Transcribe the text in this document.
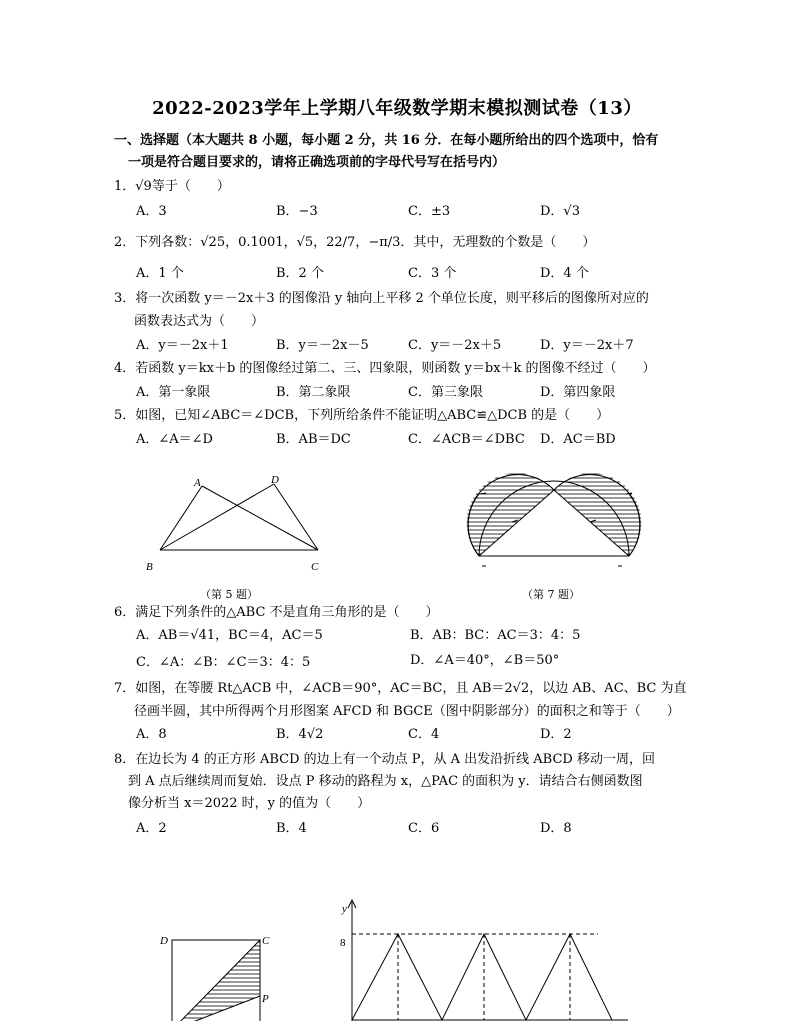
2022-2023学年上学期八年级数学期末模拟测试卷（13）
一、选择题（本大题共 8 小题，每小题 2 分，共 16 分．在每小题所给出的四个选项中，恰有
一项是符合题目要求的，请将正确选项前的字母代号写在括号内）
1．√9等于（　　）
A．3	B．−3	C．±3	D．√3
2．下列各数：√25，0.1001，√5，22/7，−π/3．其中，无理数的个数是（　　）
A．1 个	B．2 个	C．3 个	D．4 个
3．将一次函数 y＝－2x＋3 的图像沿 y 轴向上平移 2 个单位长度，则平移后的图像所对应的
函数表达式为（　　）
A．y＝－2x＋1	B．y＝－2x－5	C．y＝－2x＋5	D．y＝－2x＋7
4．若函数 y＝kx＋b 的图像经过第二、三、四象限，则函数 y＝bx＋k 的图像不经过（　　）
A．第一象限	B．第二象限	C．第三象限	D．第四象限
5．如图，已知∠ABC＝∠DCB，下列所给条件不能证明△ABC≌△DCB 的是（　　）
A．∠A＝∠D	B．AB＝DC	C．∠ACB＝∠DBC D．AC＝BD
A	D
B	C
（第 5 题）	（第 7 题）
6．满足下列条件的△ABC 不是直角三角形的是（　　）
A．AB＝√41，BC＝4，AC＝5	B．AB：BC：AC＝3：4：5
C．∠A：∠B：∠C＝3：4：5	D．∠A＝40°，∠B＝50°
7．如图，在等腰 Rt△ACB 中，∠ACB＝90°，AC＝BC，且 AB＝2√2，以边 AB、AC、BC 为直
径画半圆，其中所得两个月形图案 AFCD 和 BGCE（图中阴影部分）的面积之和等于（　　）
A．8	B．4√2	C．4	D．2
8．在边长为 4 的正方形 ABCD 的边上有一个动点 P，从 A 出发沿折线 ABCD 移动一周，回
到 A 点后继续周而复始．设点 P 移动的路程为 x，△PAC 的面积为 y．请结合右侧函数图
像分析当 x＝2022 时，y 的值为（　　）
A．2	B．4	C．6	D．8
D	C
P
y
8
